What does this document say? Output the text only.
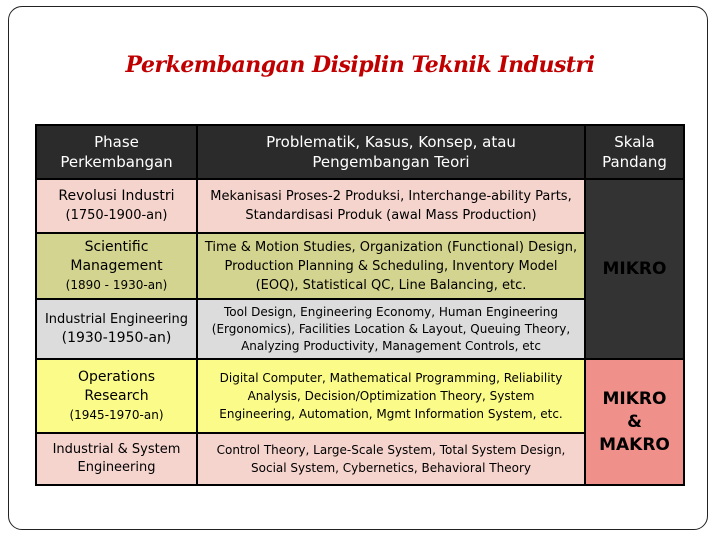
Perkembangan Disiplin Teknik Industri
Phase Perkembangan
Problematik, Kasus, Konsep, atau Pengembangan Teori
Skala Pandang
Revolusi Industri
(1750-1900-an)
Mekanisasi Proses-2 Produksi, Interchange-ability Parts, Standardisasi Produk (awal Mass Production)
Scientific Management
(1890 - 1930-an)
Time & Motion Studies, Organization (Functional) Design, Production Planning & Scheduling, Inventory Model (EOQ), Statistical QC, Line Balancing, etc.
Industrial Engineering
(1930-1950-an)
Tool Design, Engineering Economy, Human Engineering (Ergonomics), Facilities Location & Layout, Queuing Theory, Analyzing Productivity, Management Controls, etc
MIKRO
Operations Research
(1945-1970-an)
Digital Computer, Mathematical Programming, Reliability Analysis, Decision/Optimization Theory, System Engineering, Automation, Mgmt Information System, etc.
Industrial & System Engineering
Control Theory, Large-Scale System, Total System Design, Social System, Cybernetics, Behavioral Theory
MIKRO & MAKRO
